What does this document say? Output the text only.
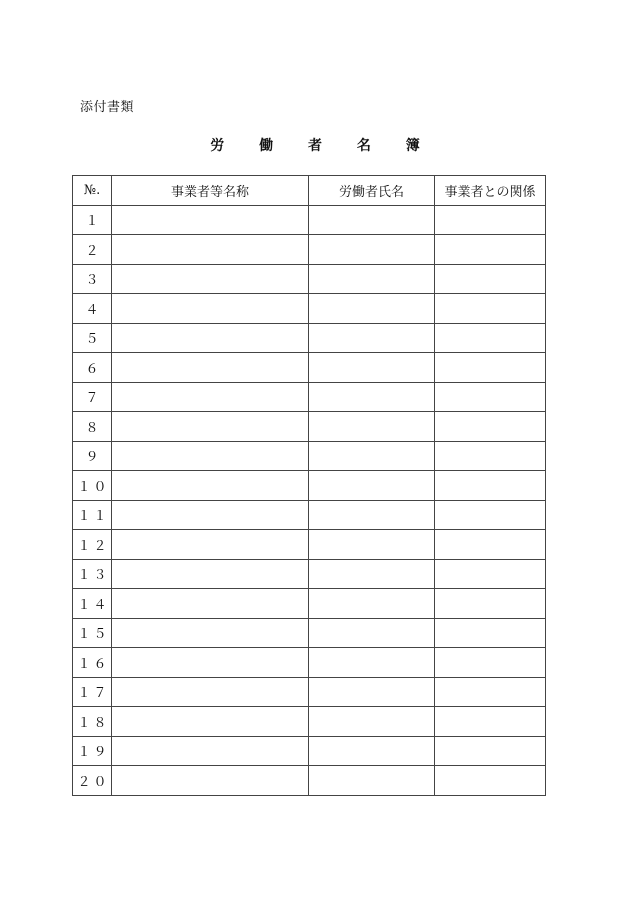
添付書類
労 働 者 名 簿
№.	事業者等名称	労働者氏名	事業者との関係
１			
２			
３			
４			
５			
６			
７			
８			
９			
１０			
１１			
１２			
１３			
１４			
１５			
１６			
１７			
１８			
１９			
２０			
